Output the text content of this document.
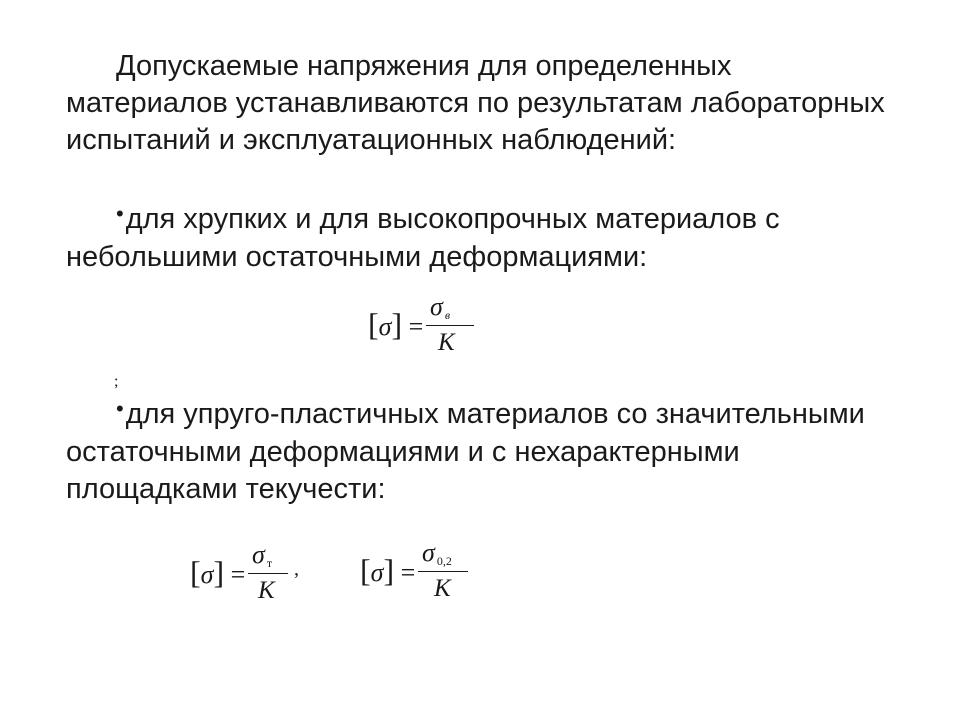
Допускаемые напряжения для определенных материалов устанавливаются по результатам лабораторных испытаний и эксплуатационных наблюдений:

•для хрупких и для высокопрочных материалов с небольшими остаточными деформациями:

[σ] =
σ $_в$
К
;

•для упруго-пластичных материалов со значительными остаточными деформациями и с нехарактерными площадками текучести:

[σ] =
σ $_т$
К
, [σ] =
σ $_{0,2}$
К
